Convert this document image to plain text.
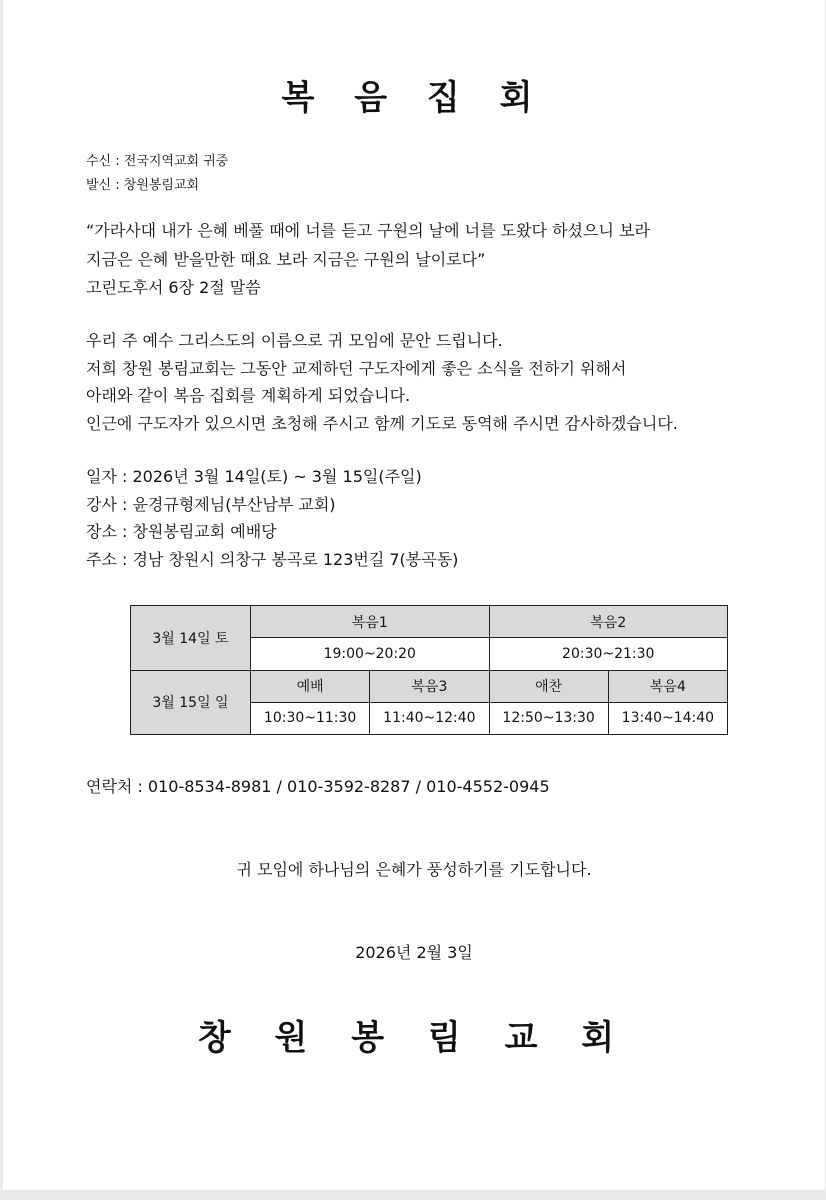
복 음 집 회
수신 : 전국지역교회 귀중
발신 : 창원봉림교회
“가라사대 내가 은혜 베풀 때에 너를 듣고 구원의 날에 너를 도왔다 하셨으니 보라
지금은 은혜 받을만한 때요 보라 지금은 구원의 날이로다”
고린도후서 6장 2절 말씀
우리 주 예수 그리스도의 이름으로 귀 모임에 문안 드립니다.
저희 창원 봉림교회는 그동안 교제하던 구도자에게 좋은 소식을 전하기 위해서
아래와 같이 복음 집회를 계획하게 되었습니다.
인근에 구도자가 있으시면 초청해 주시고 함께 기도로 동역해 주시면 감사하겠습니다.
일자 : 2026년 3월 14일(토) ~ 3월 15일(주일)
강사 : 윤경규형제님(부산남부 교회)
장소 : 창원봉림교회 예배당
주소 : 경남 창원시 의창구 봉곡로 123번길 7(봉곡동)
3월 14일 토	복음1		복음2	
	19:00~20:20		20:30~21:30	
3월 15일 일	예배	복음3	애찬	복음4
	10:30~11:30	11:40~12:40	12:50~13:30	13:40~14:40
연락처 : 010-8534-8981 / 010-3592-8287 / 010-4552-0945
귀 모임에 하나님의 은혜가 풍성하기를 기도합니다.
2026년 2월 3일
창 원 봉 림 교 회
